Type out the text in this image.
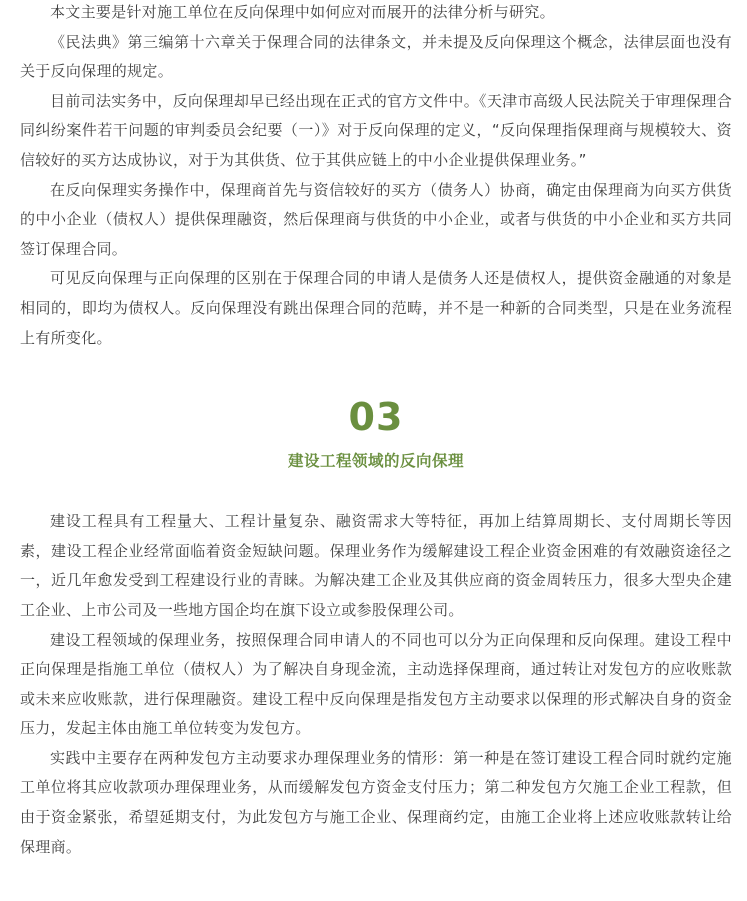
本文主要是针对施工单位在反向保理中如何应对而展开的法律分析与研究。

《民法典》第三编第十六章关于保理合同的法律条文，并未提及反向保理这个概念，法律层面也没有关于反向保理的规定。

目前司法实务中，反向保理却早已经出现在正式的官方文件中。《天津市高级人民法院关于审理保理合同纠纷案件若干问题的审判委员会纪要（一）》对于反向保理的定义，“反向保理指保理商与规模较大、资信较好的买方达成协议，对于为其供货、位于其供应链上的中小企业提供保理业务。”

在反向保理实务操作中，保理商首先与资信较好的买方（债务人）协商，确定由保理商为向买方供货的中小企业（债权人）提供保理融资，然后保理商与供货的中小企业，或者与供货的中小企业和买方共同签订保理合同。

可见反向保理与正向保理的区别在于保理合同的申请人是债务人还是债权人，提供资金融通的对象是相同的，即均为债权人。反向保理没有跳出保理合同的范畴，并不是一种新的合同类型，只是在业务流程上有所变化。

03
建设工程领域的反向保理

建设工程具有工程量大、工程计量复杂、融资需求大等特征，再加上结算周期长、支付周期长等因素，建设工程企业经常面临着资金短缺问题。保理业务作为缓解建设工程企业资金困难的有效融资途径之一，近几年愈发受到工程建设行业的青睐。为解决建工企业及其供应商的资金周转压力，很多大型央企建工企业、上市公司及一些地方国企均在旗下设立或参股保理公司。

建设工程领域的保理业务，按照保理合同申请人的不同也可以分为正向保理和反向保理。建设工程中正向保理是指施工单位（债权人）为了解决自身现金流，主动选择保理商，通过转让对发包方的应收账款或未来应收账款，进行保理融资。建设工程中反向保理是指发包方主动要求以保理的形式解决自身的资金压力，发起主体由施工单位转变为发包方。

实践中主要存在两种发包方主动要求办理保理业务的情形：第一种是在签订建设工程合同时就约定施工单位将其应收款项办理保理业务，从而缓解发包方资金支付压力；第二种发包方欠施工企业工程款，但由于资金紧张，希望延期支付，为此发包方与施工企业、保理商约定，由施工企业将上述应收账款转让给保理商。
